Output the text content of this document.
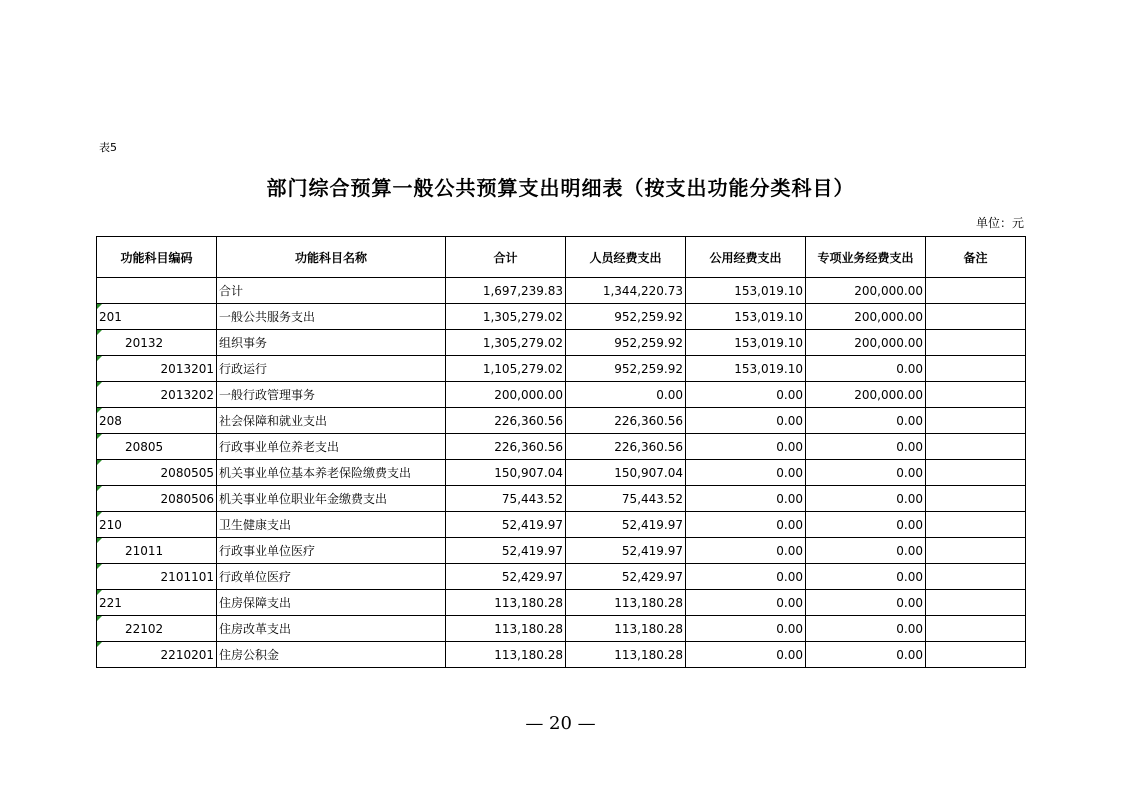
表5
部门综合预算一般公共预算支出明细表（按支出功能分类科目）
单位：元
功能科目编码	功能科目名称	合计	人员经费支出	公用经费支出	专项业务经费支出	备注
	合计	1,697,239.83	1,344,220.73	153,019.10	200,000.00	

201	一般公共服务支出	1,305,279.02	952,259.92	153,019.10	200,000.00	

20132	组织事务	1,305,279.02	952,259.92	153,019.10	200,000.00	

2013201	行政运行	1,105,279.02	952,259.92	153,019.10	0.00	

2013202	一般行政管理事务	200,000.00	0.00	0.00	200,000.00	

208	社会保障和就业支出	226,360.56	226,360.56	0.00	0.00	

20805	行政事业单位养老支出	226,360.56	226,360.56	0.00	0.00	

2080505	机关事业单位基本养老保险缴费支出	150,907.04	150,907.04	0.00	0.00	

2080506	机关事业单位职业年金缴费支出	75,443.52	75,443.52	0.00	0.00	

210	卫生健康支出	52,419.97	52,419.97	0.00	0.00	

21011	行政事业单位医疗	52,419.97	52,419.97	0.00	0.00	

2101101	行政单位医疗	52,429.97	52,429.97	0.00	0.00	

221	住房保障支出	113,180.28	113,180.28	0.00	0.00	

22102	住房改革支出	113,180.28	113,180.28	0.00	0.00	

2210201	住房公积金	113,180.28	113,180.28	0.00	0.00	
— 20 —
